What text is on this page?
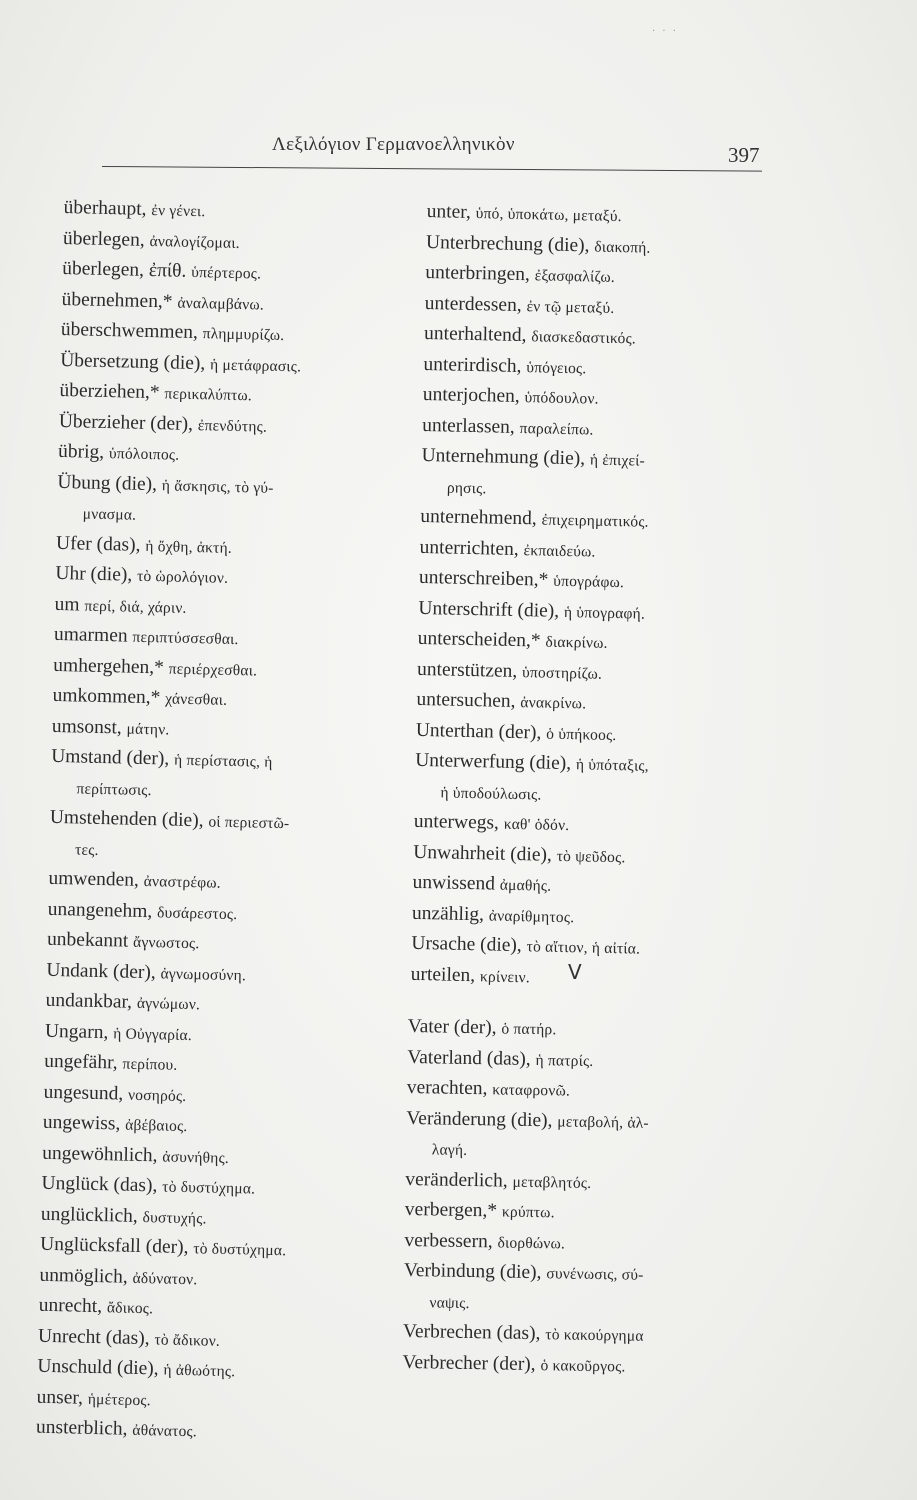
· · ·
Λεξιλόγιον Γερμανοελληνικὸν	397
überhaupt, ἐν γένει.
überlegen, ἀναλογίζομαι.
überlegen, ἐπίθ. ὑπέρτερος.
übernehmen,* ἀναλαμβάνω.
überschwemmen, πλημμυρίζω.
Übersetzung (die), ἡ μετάφρασις.
überziehen,* περικαλύπτω.
Überzieher (der), ἐπενδύτης.
übrig, ὑπόλοιπος.
Übung (die), ἡ ἄσκησις, τὸ γύ-
μνασμα.
Ufer (das), ἡ ὄχθη, ἀκτή.
Uhr (die), τὸ ὡρολόγιον.
um περί, διά, χάριν.
umarmen περιπτύσσεσθαι.
umhergehen,* περιέρχεσθαι.
umkommen,* χάνεσθαι.
umsonst, μάτην.
Umstand (der), ἡ περίστασις, ἡ
περίπτωσις.
Umstehenden (die), οἱ περιεστῶ-
τες.
umwenden, ἀναστρέφω.
unangenehm, δυσάρεστος.
unbekannt ἄγνωστος.
Undank (der), ἀγνωμοσύνη.
undankbar, ἀγνώμων.
Ungarn, ἡ Οὐγγαρία.
ungefähr, περίπου.
ungesund, νοσηρός.
ungewiss, ἀβέβαιος.
ungewöhnlich, ἀσυνήθης.
Unglück (das), τὸ δυστύχημα.
unglücklich, δυστυχής.
Unglücksfall (der), τὸ δυστύχημα.
unmöglich, ἀδύνατον.
unrecht, ἄδικος.
Unrecht (das), τὸ ἄδικον.
Unschuld (die), ἡ ἀθωότης.
unser, ἡμέτερος.
unsterblich, ἀθάνατος.
unter, ὑπό, ὑποκάτω, μεταξύ.
Unterbrechung (die), διακοπή.
unterbringen, ἐξασφαλίζω.
unterdessen, ἐν τῷ μεταξύ.
unterhaltend, διασκεδαστικός.
unterirdisch, ὑπόγειος.
unterjochen, ὑπόδουλον.
unterlassen, παραλείπω.
Unternehmung (die), ἡ ἐπιχεί-
ρησις.
unternehmend, ἐπιχειρηματικός.
unterrichten, ἐκπαιδεύω.
unterschreiben,* ὑπογράφω.
Unterschrift (die), ἡ ὑπογραφή.
unterscheiden,* διακρίνω.
unterstützen, ὑποστηρίζω.
untersuchen, ἀνακρίνω.
Unterthan (der), ὁ ὑπήκοος.
Unterwerfung (die), ἡ ὑπόταξις,
ἡ ὑποδούλωσις.
unterwegs, καθ' ὁδόν.
Unwahrheit (die), τὸ ψεῦδος.
unwissend ἀμαθής.
unzählig, ἀναρίθμητος.
Ursache (die), τὸ αἴτιον, ἡ αἰτία.
urteilen, κρίνειν.	V
Vater (der), ὁ πατήρ.
Vaterland (das), ἡ πατρίς.
verachten, καταφρονῶ.
Veränderung (die), μεταβολή, ἀλ-
λαγή.
veränderlich, μεταβλητός.
verbergen,* κρύπτω.
verbessern, διορθώνω.
Verbindung (die), συνένωσις, σύ-
ναψις.
Verbrechen (das), τὸ κακούργημα
Verbrecher (der), ὁ κακοῦργος.
